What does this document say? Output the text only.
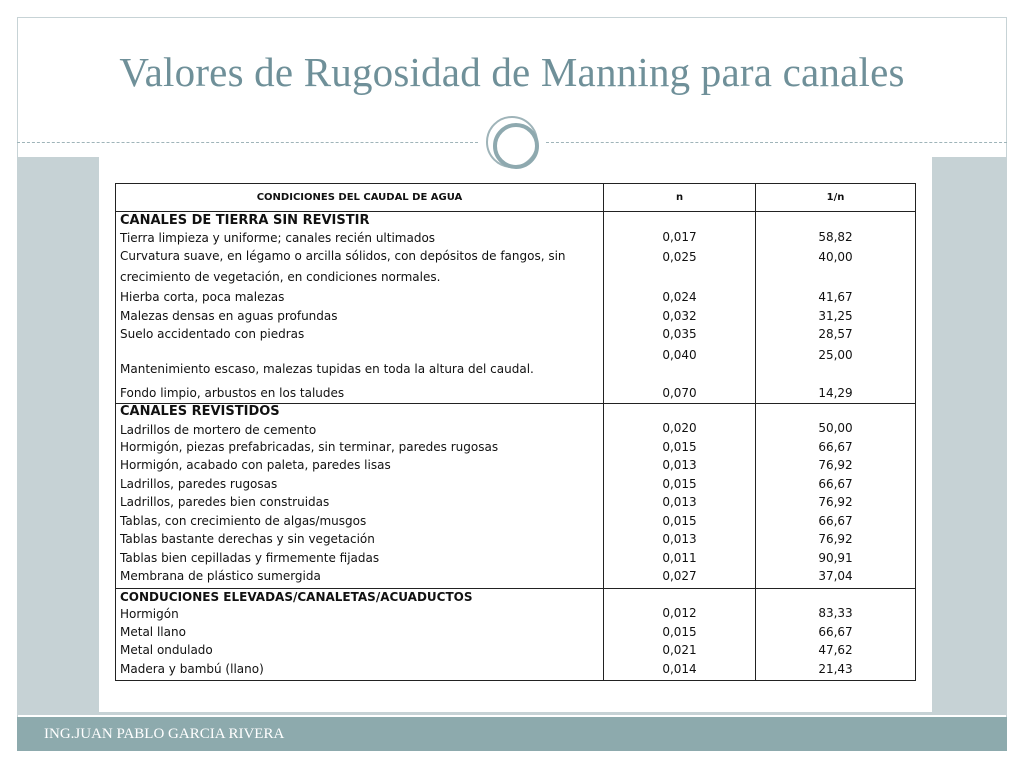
Valores de Rugosidad de Manning para canales
CONDICIONES DEL CAUDAL DE AGUA	n	1/n
CANALES DE TIERRA SIN REVISTIR		
Tierra limpieza y uniforme; canales recién ultimados	0,017	58,82
Curvatura suave, en légamo o arcilla sólidos, con depósitos de fangos, sin crecimiento de vegetación, en condiciones normales.	0,025	40,00
Hierba corta, poca malezas	0,024	41,67
Malezas densas en aguas profundas	0,032	31,25
Suelo accidentado con piedras	0,035	28,57
Mantenimiento escaso, malezas tupidas en toda la altura del caudal.	0,040	25,00
Fondo limpio, arbustos en los taludes	0,070	14,29
CANALES REVISTIDOS		
Ladrillos de mortero de cemento	0,020	50,00
Hormigón, piezas prefabricadas, sin terminar, paredes rugosas	0,015	66,67
Hormigón, acabado con paleta, paredes lisas	0,013	76,92
Ladrillos, paredes rugosas	0,015	66,67
Ladrillos, paredes bien construidas	0,013	76,92
Tablas, con crecimiento de algas/musgos	0,015	66,67
Tablas bastante derechas y sin vegetación	0,013	76,92
Tablas bien cepilladas y firmemente fijadas	0,011	90,91
Membrana de plástico sumergida	0,027	37,04
CONDUCIONES ELEVADAS/CANALETAS/ACUADUCTOS		
Hormigón	0,012	83,33
Metal llano	0,015	66,67
Metal ondulado	0,021	47,62
Madera y bambú (llano)	0,014	21,43
ING.JUAN PABLO GARCIA RIVERA
